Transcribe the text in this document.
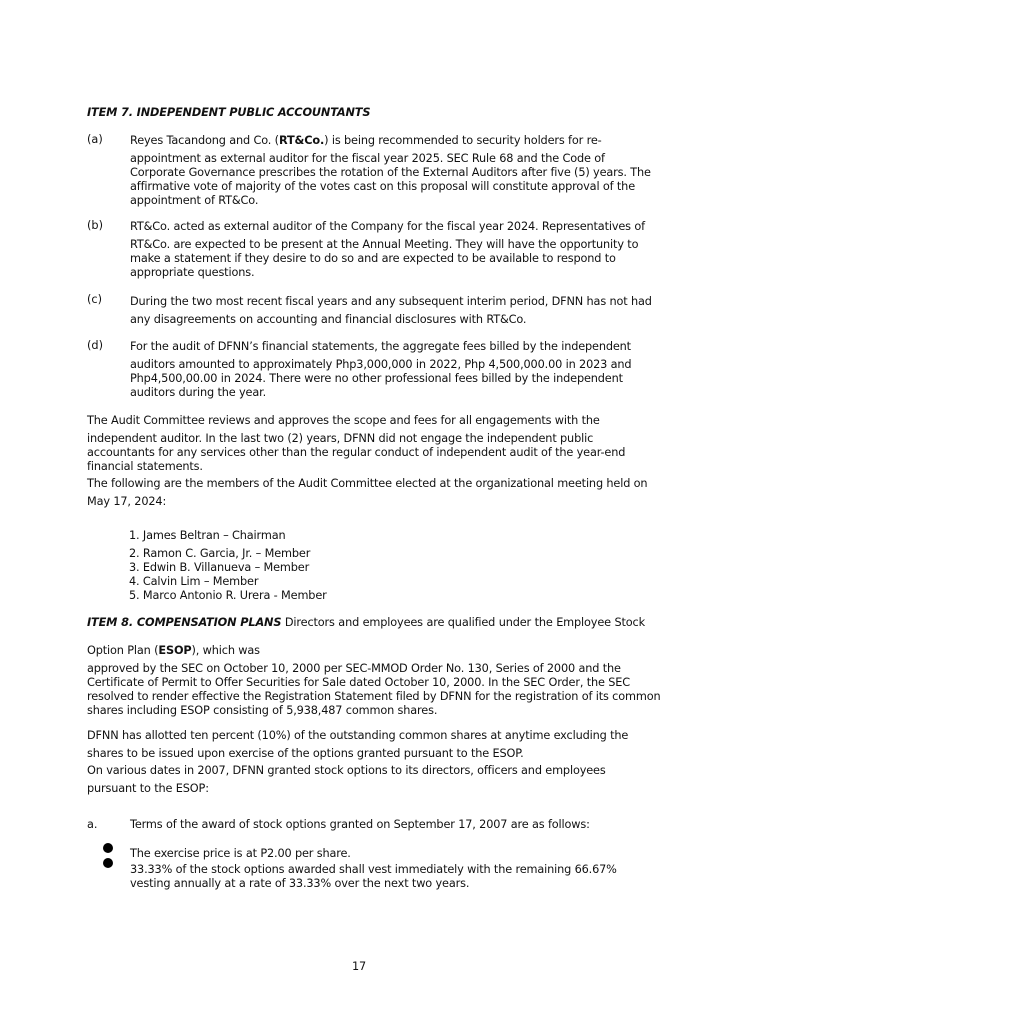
ITEM 7. INDEPENDENT PUBLIC ACCOUNTANTS
(a) Reyes Tacandong and Co. (RT&Co.) is being recommended to security holders for re-
appointment as external auditor for the fiscal year 2025. SEC Rule 68 and the Code of
Corporate Governance prescribes the rotation of the External Auditors after five (5) years. The
affirmative vote of majority of the votes cast on this proposal will constitute approval of the
appointment of RT&Co.
(b) RT&Co. acted as external auditor of the Company for the fiscal year 2024. Representatives of
RT&Co. are expected to be present at the Annual Meeting. They will have the opportunity to
make a statement if they desire to do so and are expected to be available to respond to
appropriate questions.
(c) During the two most recent fiscal years and any subsequent interim period, DFNN has not had
any disagreements on accounting and financial disclosures with RT&Co.
(d) For the audit of DFNN’s financial statements, the aggregate fees billed by the independent
auditors amounted to approximately Php3,000,000 in 2022, Php 4,500,000.00 in 2023 and
Php4,500,00.00 in 2024. There were no other professional fees billed by the independent
auditors during the year.
The Audit Committee reviews and approves the scope and fees for all engagements with the
independent auditor. In the last two (2) years, DFNN did not engage the independent public
accountants for any services other than the regular conduct of independent audit of the year-end
financial statements.
The following are the members of the Audit Committee elected at the organizational meeting held on
May 17, 2024:
1. James Beltran – Chairman
2. Ramon C. Garcia, Jr. – Member
3. Edwin B. Villanueva – Member
4. Calvin Lim – Member
5. Marco Antonio R. Urera - Member
ITEM 8. COMPENSATION PLANS Directors and employees are qualified under the Employee Stock
Option Plan (ESOP), which was
approved by the SEC on October 10, 2000 per SEC-MMOD Order No. 130, Series of 2000 and the
Certificate of Permit to Offer Securities for Sale dated October 10, 2000. In the SEC Order, the SEC
resolved to render effective the Registration Statement filed by DFNN for the registration of its common
shares including ESOP consisting of 5,938,487 common shares.
DFNN has allotted ten percent (10%) of the outstanding common shares at anytime excluding the
shares to be issued upon exercise of the options granted pursuant to the ESOP.
On various dates in 2007, DFNN granted stock options to its directors, officers and employees
pursuant to the ESOP:
a.	Terms of the award of stock options granted on September 17, 2007 are as follows:
The exercise price is at P2.00 per share.
33.33% of the stock options awarded shall vest immediately with the remaining 66.67%
vesting annually at a rate of 33.33% over the next two years.
17
